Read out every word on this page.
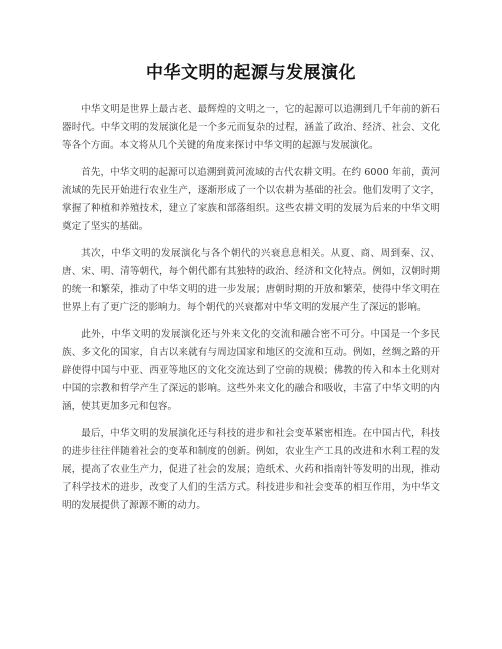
中华文明的起源与发展演化

中华文明是世界上最古老、最辉煌的文明之一，它的起源可以追溯到几千年前的新石器时代。中华文明的发展演化是一个多元而复杂的过程，涵盖了政治、经济、社会、文化等各个方面。本文将从几个关键的角度来探讨中华文明的起源与发展演化。

首先，中华文明的起源可以追溯到黄河流域的古代农耕文明。在约 6000 年前，黄河流域的先民开始进行农业生产，逐渐形成了一个以农耕为基础的社会。他们发明了文字，掌握了种植和养殖技术，建立了家族和部落组织。这些农耕文明的发展为后来的中华文明奠定了坚实的基础。

其次，中华文明的发展演化与各个朝代的兴衰息息相关。从夏、商、周到秦、汉、唐、宋、明、清等朝代，每个朝代都有其独特的政治、经济和文化特点。例如，汉朝时期的统一和繁荣，推动了中华文明的进一步发展；唐朝时期的开放和繁荣，使得中华文明在世界上有了更广泛的影响力。每个朝代的兴衰都对中华文明的发展产生了深远的影响。

此外，中华文明的发展演化还与外来文化的交流和融合密不可分。中国是一个多民族、多文化的国家，自古以来就有与周边国家和地区的交流和互动。例如，丝绸之路的开辟使得中国与中亚、西亚等地区的文化交流达到了空前的规模；佛教的传入和本土化则对中国的宗教和哲学产生了深远的影响。这些外来文化的融合和吸收，丰富了中华文明的内涵，使其更加多元和包容。

最后，中华文明的发展演化还与科技的进步和社会变革紧密相连。在中国古代，科技的进步往往伴随着社会的变革和制度的创新。例如，农业生产工具的改进和水利工程的发展，提高了农业生产力，促进了社会的发展；造纸术、火药和指南针等发明的出现，推动了科学技术的进步，改变了人们的生活方式。科技进步和社会变革的相互作用，为中华文明的发展提供了源源不断的动力。
